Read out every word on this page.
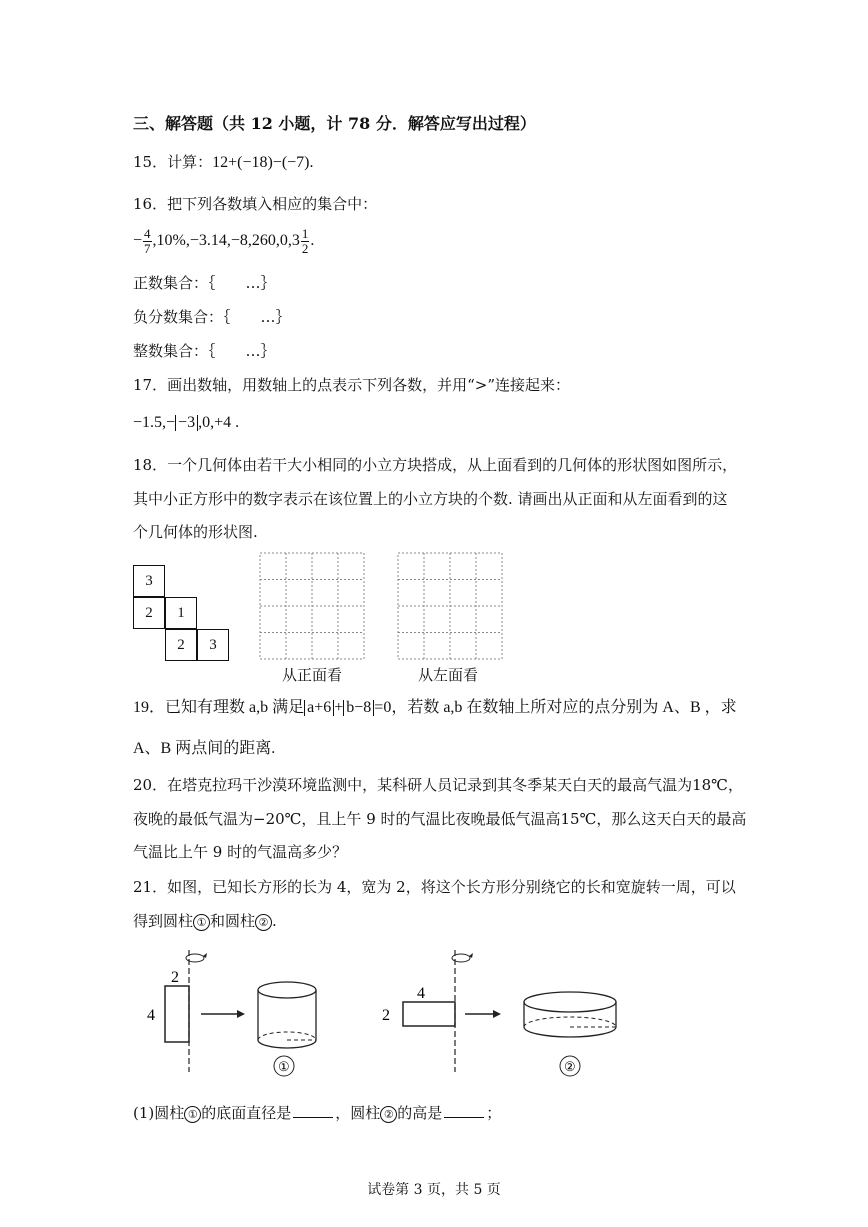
三、解答题（共 12 小题，计 78 分．解答应写出过程）
15．计算：12+(−18)−(−7).
16．把下列各数填入相应的集合中：
− $\frac{4}{7} ,10\%,-3.14,-8,260,0,3 \frac{1}{2}$ .
正数集合：｛　　…｝
负分数集合：｛　　…｝
整数集合：｛　　…｝
17．画出数轴，用数轴上的点表示下列各数，并用“>”连接起来：
−1.5,− −3 ,0,+4 .
18．一个几何体由若干大小相同的小立方块搭成，从上面看到的几何体的形状图如图所示，
其中小正方形中的数字表示在该位置上的小立方块的个数. 请画出从正面和从左面看到的这
个几何体的形状图.
3
2	1
2	3
从正面看	从左面看
19．已知有理数 a,b 满足 a+6 + b−8 =0，若数 a,b 在数轴上所对应的点分别为 A、B ，求
A、B 两点间的距离.
20．在塔克拉玛干沙漠环境监测中，某科研人员记录到其冬季某天白天的最高气温为18℃，
夜晚的最低气温为−20℃，且上午 9 时的气温比夜晚最低气温高15℃，那么这天白天的最高
气温比上午 9 时的气温高多少？
21．如图，已知长方形的长为 4，宽为 2，将这个长方形分别绕它的长和宽旋转一周，可以
得到圆柱 ① 和圆柱 ② .
2
4
①
4
2
②
(1)圆柱 ① 的底面直径是	，圆柱 ② 的高是	；
试卷第 3 页，共 5 页
